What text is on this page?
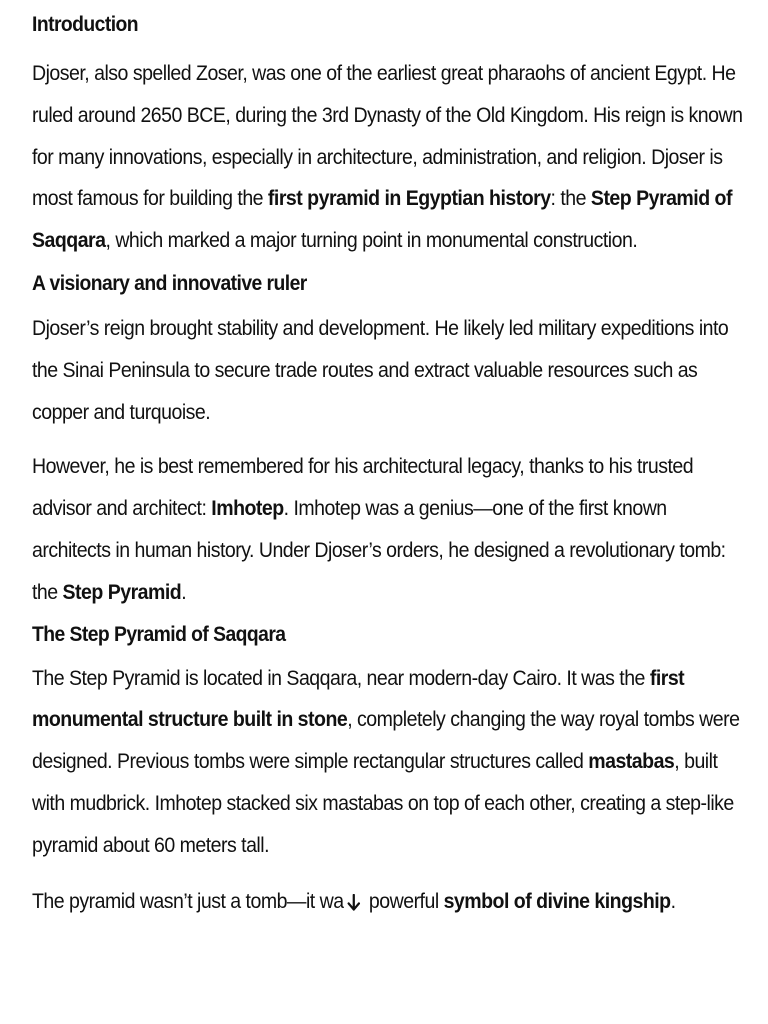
Introduction

Djoser, also spelled Zoser, was one of the earliest great pharaohs of ancient Egypt. He ruled around 2650 BCE, during the 3rd Dynasty of the Old Kingdom. His reign is known for many innovations, especially in architecture, administration, and religion. Djoser is most famous for building the first pyramid in Egyptian history: the Step Pyramid of Saqqara, which marked a major turning point in monumental construction.

A visionary and innovative ruler

Djoser’s reign brought stability and development. He likely led military expeditions into the Sinai Peninsula to secure trade routes and extract valuable resources such as copper and turquoise.

However, he is best remembered for his architectural legacy, thanks to his trusted advisor and architect: Imhotep. Imhotep was a genius—one of the first known architects in human history. Under Djoser’s orders, he designed a revolutionary tomb: the Step Pyramid.

The Step Pyramid of Saqqara

The Step Pyramid is located in Saqqara, near modern-day Cairo. It was the first monumental structure built in stone, completely changing the way royal tombs were designed. Previous tombs were simple rectangular structures called mastabas, built with mudbrick. Imhotep stacked six mastabas on top of each other, creating a step-like pyramid about 60 meters tall.

The pyramid wasn’t just a tomb—it wa powerful symbol of divine kingship.
